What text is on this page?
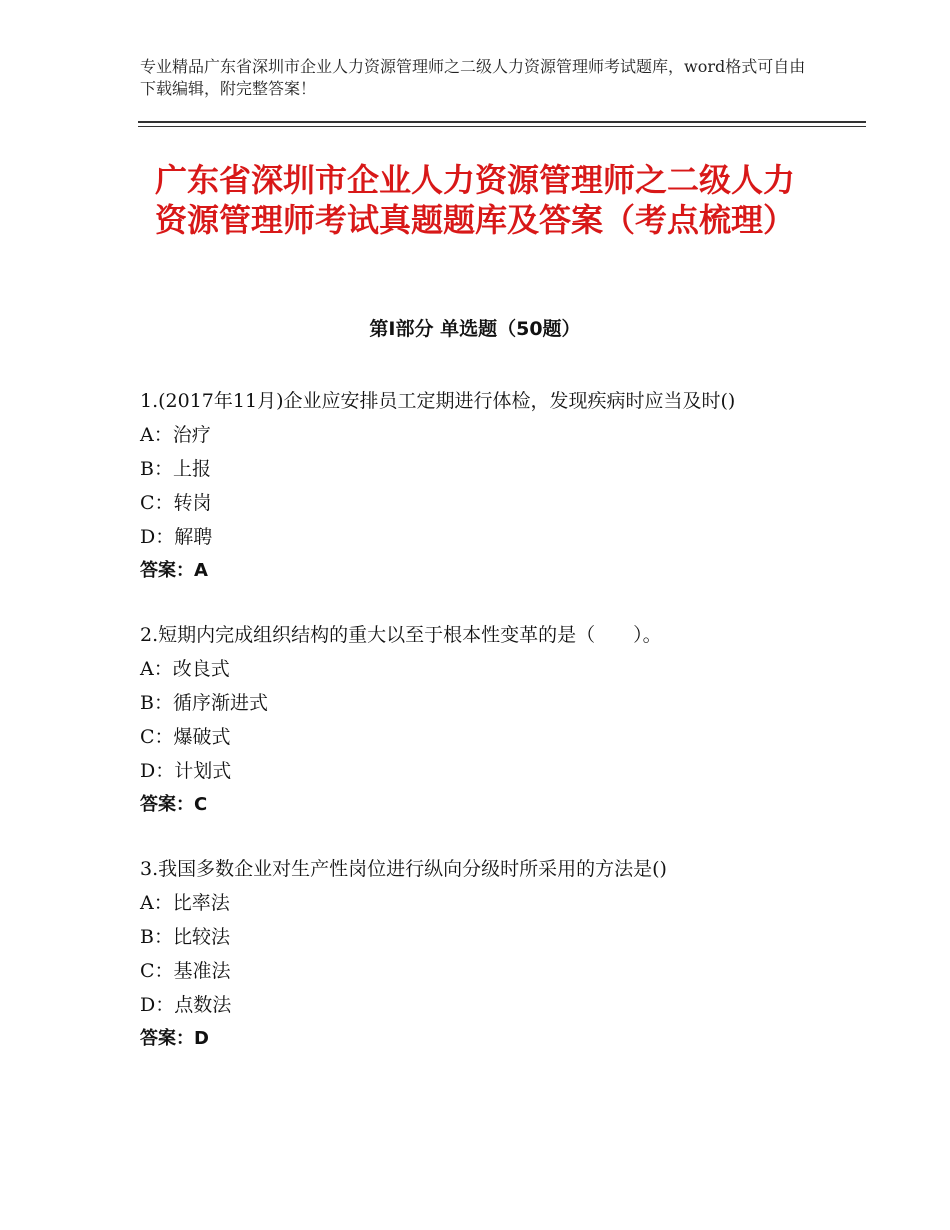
专业精品广东省深圳市企业人力资源管理师之二级人力资源管理师考试题库，word格式可自由下载编辑，附完整答案！
广东省深圳市企业人力资源管理师之二级人力资源管理师考试真题题库及答案（考点梳理）
第Ⅰ部分 单选题（50题）
1.(2017年11月)企业应安排员工定期进行体检，发现疾病时应当及时()
A：治疗
B：上报
C：转岗
D：解聘
答案：A
2.短期内完成组织结构的重大以至于根本性变革的是（　　）。
A：改良式
B：循序渐进式
C：爆破式
D：计划式
答案：C
3.我国多数企业对生产性岗位进行纵向分级时所采用的方法是()
A：比率法
B：比较法
C：基准法
D：点数法
答案：D
